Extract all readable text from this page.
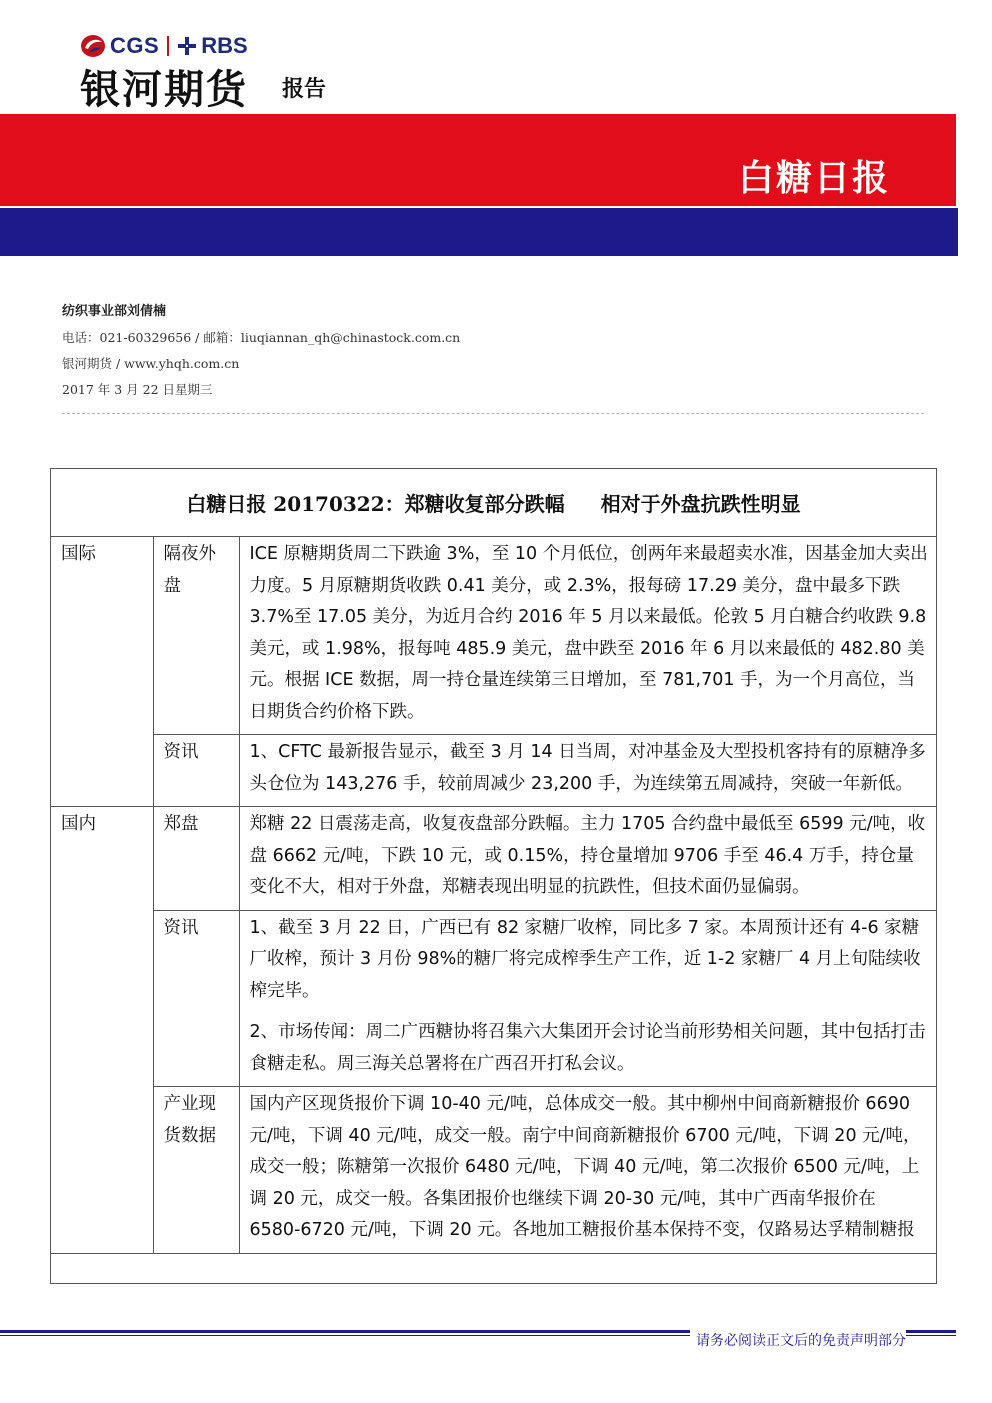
CGS RBS
银河期货 报告
白糖日报
纺织事业部刘倩楠
电话：021-60329656 / 邮箱：liuqiannan_qh@chinastock.com.cn
银河期货 / www.yhqh.com.cn
2017 年 3 月 22 日星期三
白糖日报 20170322：郑糖收复部分跌幅 相对于外盘抗跌性明显
国际	隔夜外盘	ICE 原糖期货周二下跌逾 3%，至 10 个月低位，创两年来最超卖水准，因基金加大卖出力度。5 月原糖期货收跌 0.41 美分，或 2.3%，报每磅 17.29 美分，盘中最多下跌 3.7%至 17.05 美分，为近月合约 2016 年 5 月以来最低。伦敦 5 月白糖合约收跌 9.8 美元，或 1.98%，报每吨 485.9 美元，盘中跌至 2016 年 6 月以来最低的 482.80 美元。根据 ICE 数据，周一持仓量连续第三日增加，至 781,701 手，为一个月高位，当日期货合约价格下跌。

	资讯	1、CFTC 最新报告显示，截至 3 月 14 日当周，对冲基金及大型投机客持有的原糖净多头仓位为 143,276 手，较前周减少 23,200 手，为连续第五周减持，突破一年新低。

国内	郑盘	郑糖 22 日震荡走高，收复夜盘部分跌幅。主力 1705 合约盘中最低至 6599 元/吨，收盘 6662 元/吨，下跌 10 元，或 0.15%，持仓量增加 9706 手至 46.4 万手，持仓量变化不大，相对于外盘，郑糖表现出明显的抗跌性，但技术面仍显偏弱。

	资讯	1、截至 3 月 22 日，广西已有 82 家糖厂收榨，同比多 7 家。本周预计还有 4-6 家糖厂收榨，预计 3 月份 98%的糖厂将完成榨季生产工作，近 1-2 家糖厂 4 月上旬陆续收榨完毕。

2、市场传闻：周二广西糖协将召集六大集团开会讨论当前形势相关问题，其中包括打击食糖走私。周三海关总署将在广西召开打私会议。

	产业现货数据	国内产区现货报价下调 10-40 元/吨，总体成交一般。其中柳州中间商新糖报价 6690 元/吨，下调 40 元/吨，成交一般。南宁中间商新糖报价 6700 元/吨，下调 20 元/吨，成交一般；陈糖第一次报价 6480 元/吨，下调 40 元/吨，第二次报价 6500 元/吨，上调 20 元，成交一般。各集团报价也继续下调 20-30 元/吨，其中广西南华报价在 6580-6720 元/吨，下调 20 元。各地加工糖报价基本保持不变，仅路易达孚精制糖报

请务必阅读正文后的免责声明部分
